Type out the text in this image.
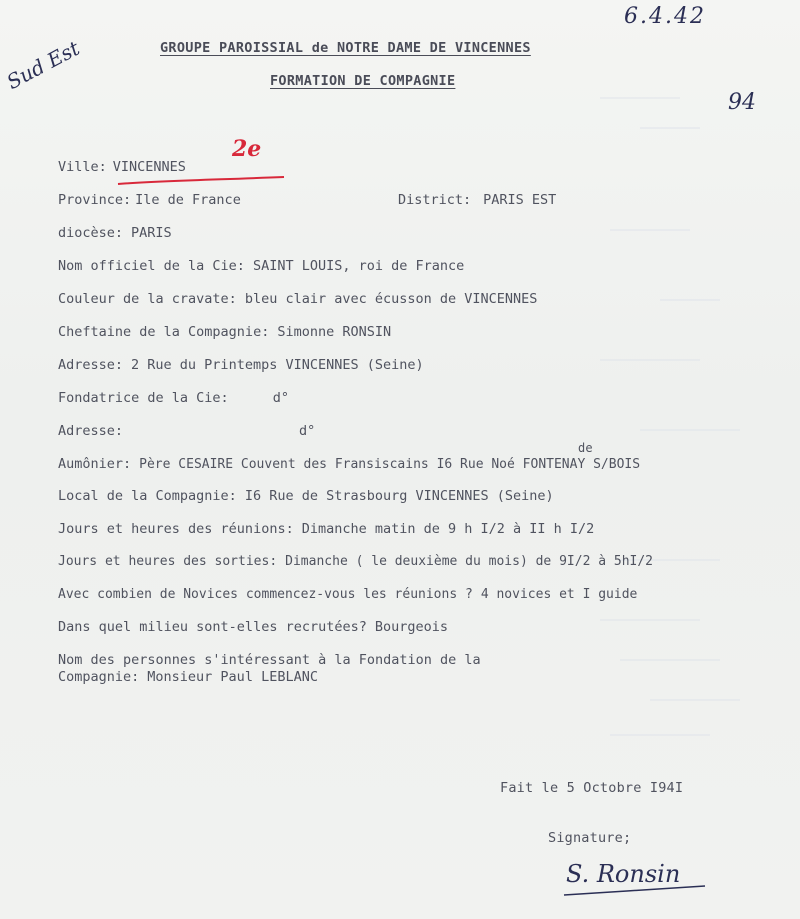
6.4.42
Sud Est
94
GROUPE PAROISSIAL de NOTRE DAME DE VINCENNES
FORMATION DE COMPAGNIE
Ville: VINCENNES
2e
Province: Ile de France	District: PARIS EST
diocèse: PARIS
Nom officiel de la Cie: SAINT LOUIS, roi de France
Couleur de la cravate: bleu clair avec écusson de VINCENNES
Cheftaine de la Compagnie: Simonne RONSIN
Adresse: 2 Rue du Printemps VINCENNES (Seine)
Fondatrice de la Cie:	d°
Adresse:	d°
de
Aumônier: Père CESAIRE Couvent des Fransiscains I6 Rue Noé FONTENAY S/BOIS
Local de la Compagnie: I6 Rue de Strasbourg VINCENNES (Seine)
Jours et heures des réunions: Dimanche matin de 9 h I/2 à II h I/2
Jours et heures des sorties: Dimanche ( le deuxième du mois) de 9I/2 à 5hI/2
Avec combien de Novices commencez-vous les réunions ? 4 novices et I guide
Dans quel milieu sont-elles recrutées? Bourgeois
Nom des personnes s'intéressant à la Fondation de la
Compagnie: Monsieur Paul LEBLANC
Fait le 5 Octobre I94I
Signature;
S. Ronsin
